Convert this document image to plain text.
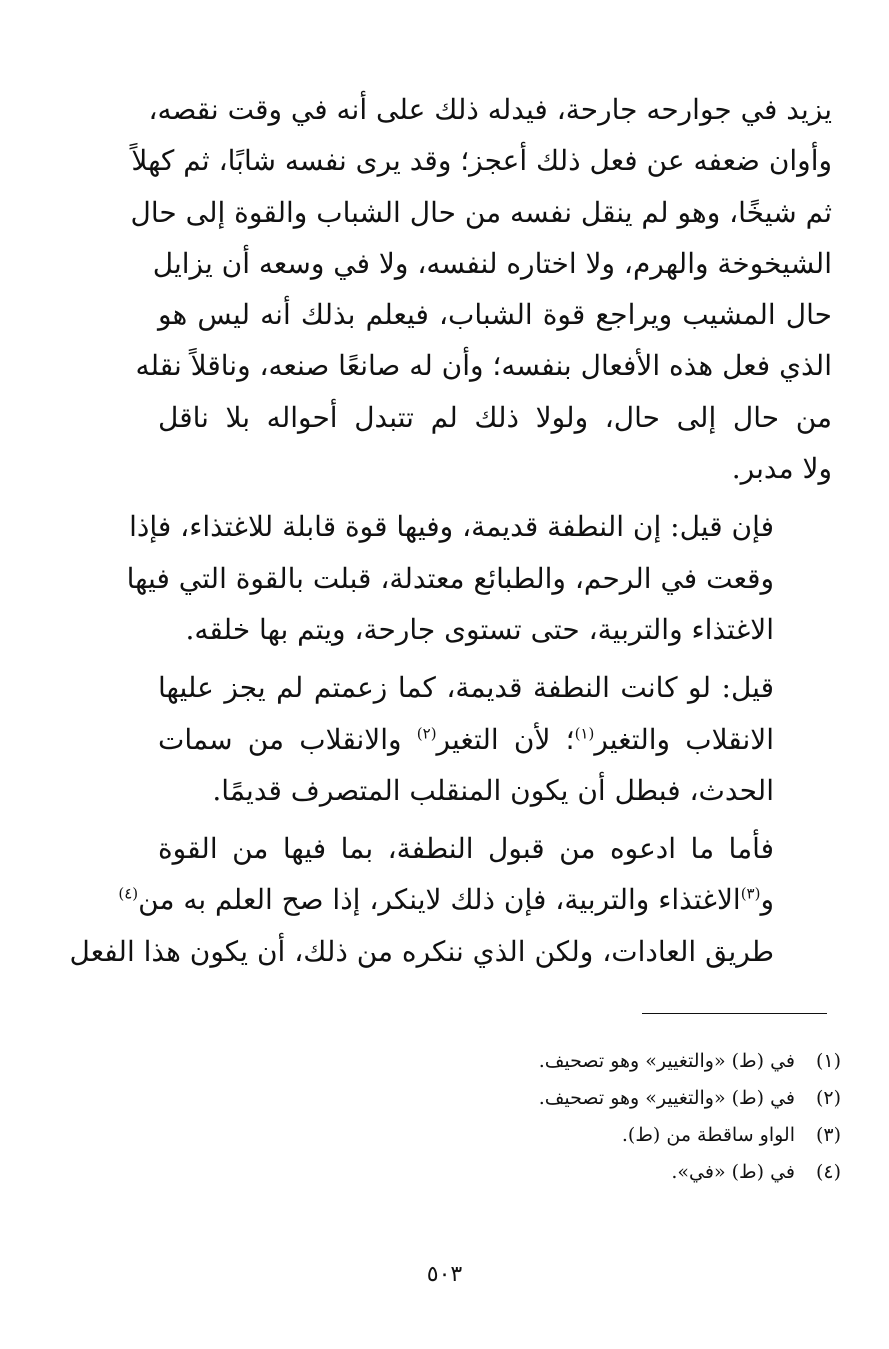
يزيد في جوارحه جارحة، فيدله ذلك على أنه في وقت نقصه،
وأوان ضعفه عن فعل ذلك أعجز؛ وقد يرى نفسه شابًا، ثم كهلاً
ثم شيخًا، وهو لم ينقل نفسه من حال الشباب والقوة إلى حال
الشيخوخة والهرم، ولا اختاره لنفسه، ولا في وسعه أن يزايل
حال المشيب ويراجع قوة الشباب، فيعلم بذلك أنه ليس هو
الذي فعل هذه الأفعال بنفسه؛ وأن له صانعًا صنعه، وناقلاً نقله
من حال إلى حال، ولولا ذلك لم تتبدل أحواله بلا ناقل
ولا مدبر.

فإن قيل: إن النطفة قديمة، وفيها قوة قابلة للاغتذاء، فإذا
وقعت في الرحم، والطبائع معتدلة، قبلت بالقوة التي فيها
الاغتذاء والتربية، حتى تستوى جارحة، ويتم بها خلقه.

قيل: لو كانت النطفة قديمة، كما زعمتم لم يجز عليها
الانقلاب والتغير$^{(١)}$؛ لأن التغير$^{(٢)}$ والانقلاب من سمات
الحدث، فبطل أن يكون المنقلب المتصرف قديمًا.

فأما ما ادعوه من قبول النطفة، بما فيها من القوة
و$^{(٣)}$الاغتذاء والتربية، فإن ذلك لاينكر، إذا صح العلم به من$^{(٤)}$
طريق العادات، ولكن الذي ننكره من ذلك، أن يكون هذا الفعل

(١)في (ط) «والتغيير» وهو تصحيف.
(٢)في (ط) «والتغيير» وهو تصحيف.
(٣)الواو ساقطة من (ط).
(٤)في (ط) «في».
٥٠٣
